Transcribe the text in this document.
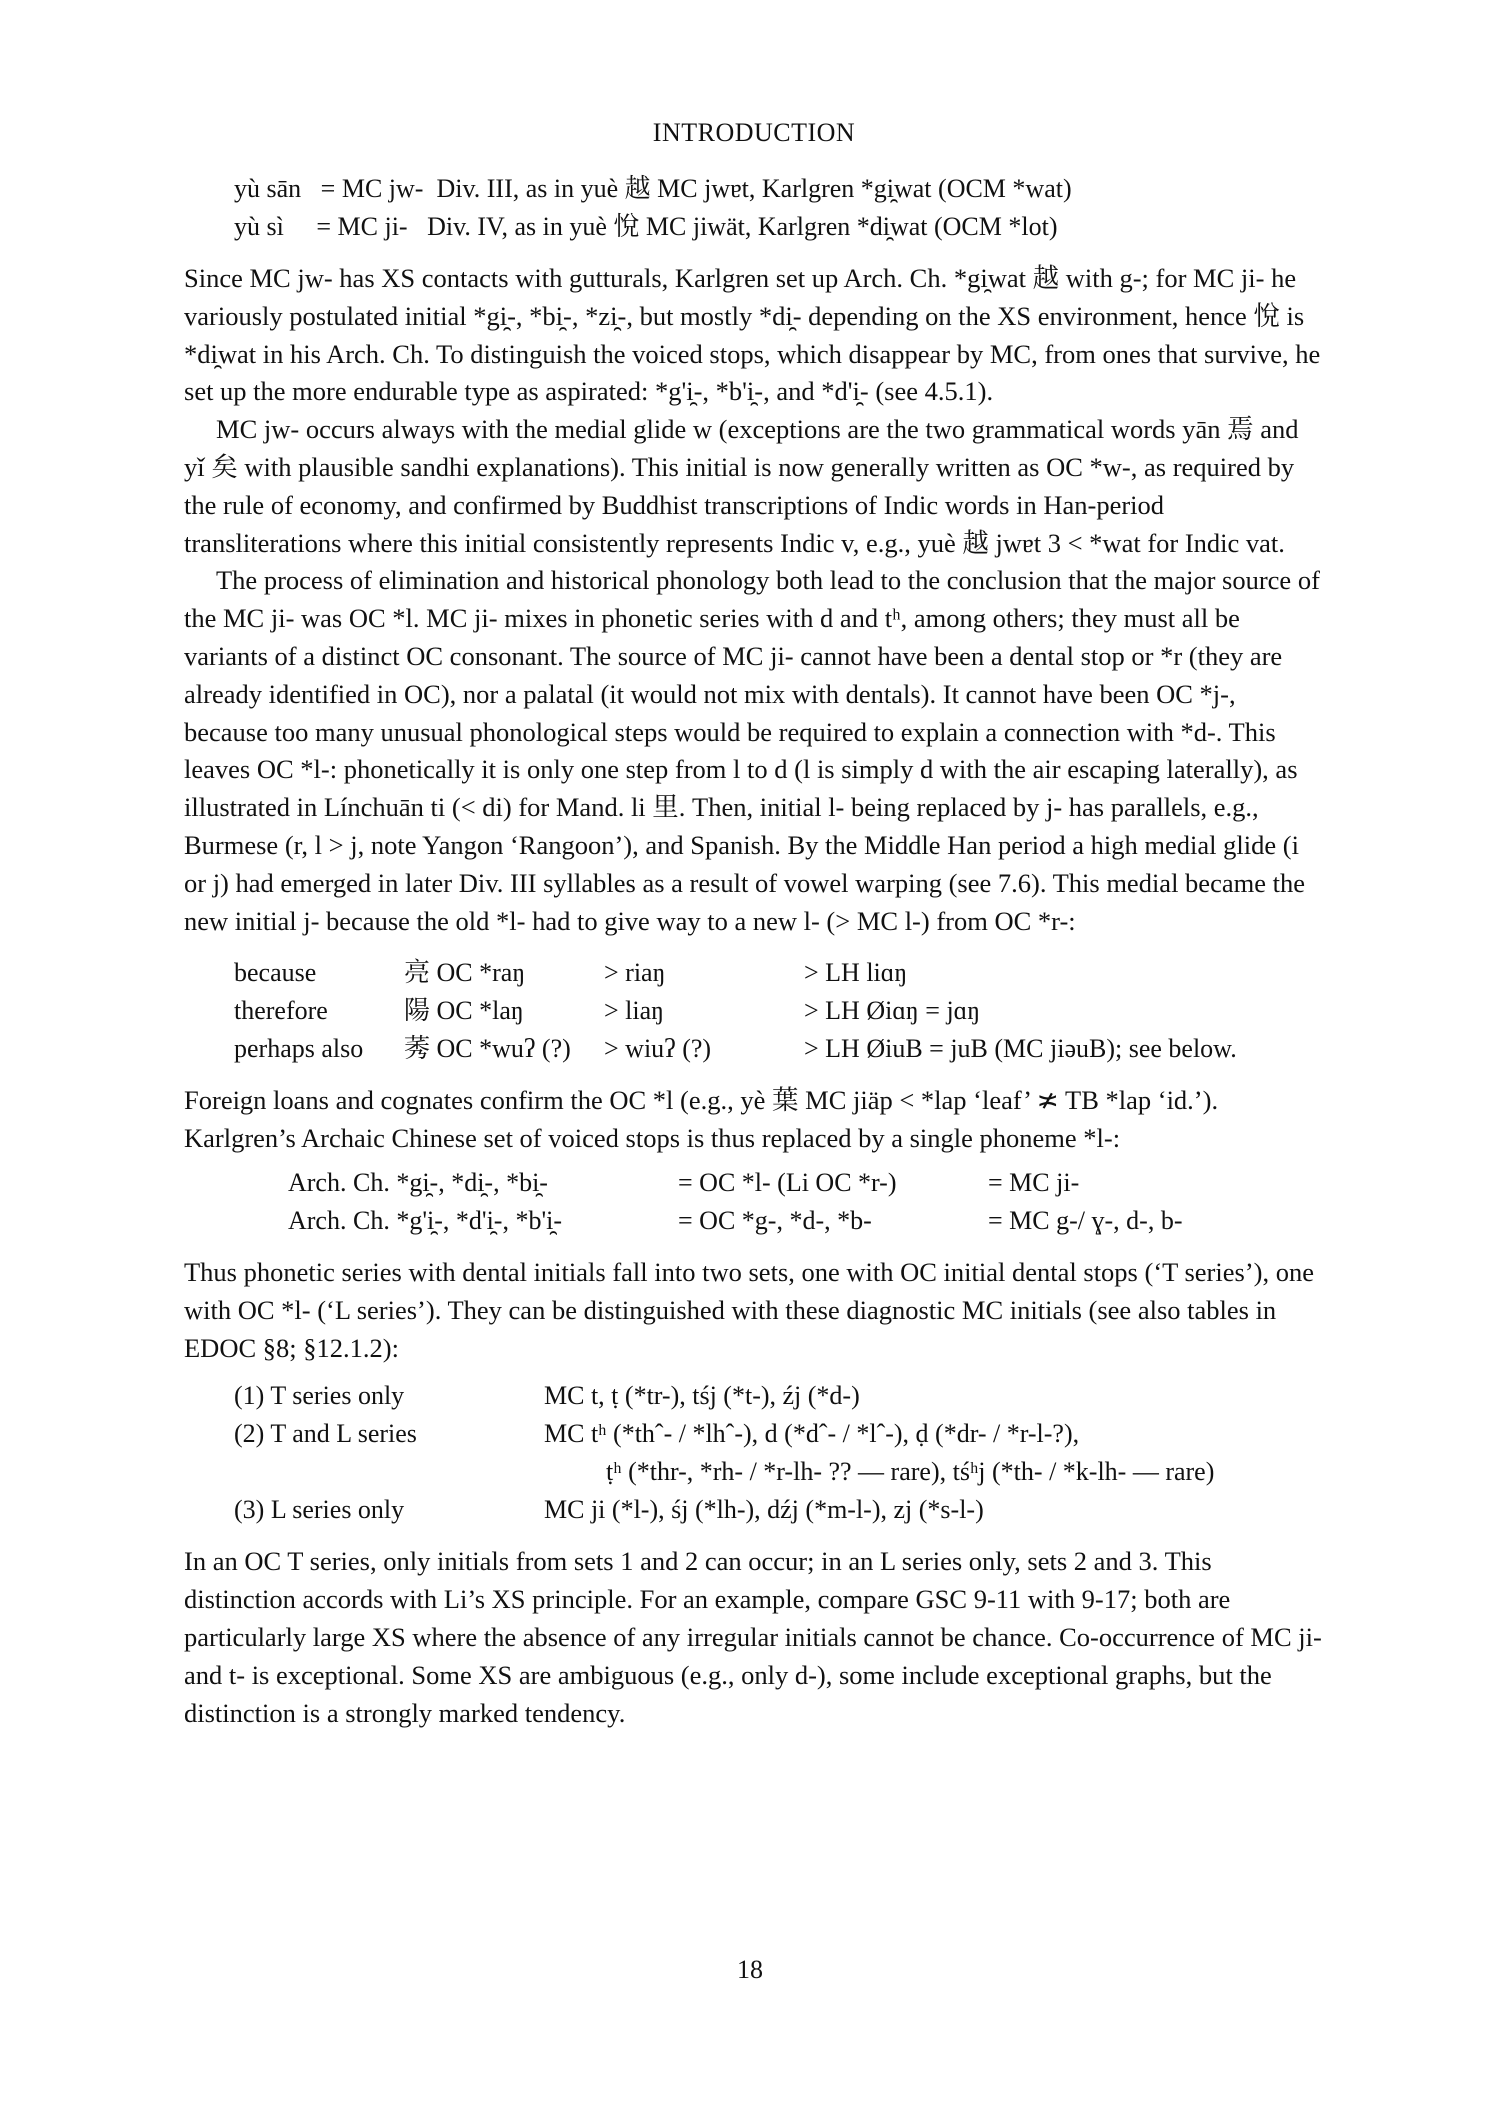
INTRODUCTION
yù sān   = MC jw-  Div. III, as in yuè 越 MC jwɐt, Karlgren *gi̯wat (OCM *wat)
yù sì     = MC ji-   Div. IV, as in yuè 悅 MC jiwät, Karlgren *di̯wat (OCM *lot)

Since MC jw- has XS contacts with gutturals, Karlgren set up Arch. Ch. *gi̯wat 越 with g-; for MC ji- he variously postulated initial *gi̯-, *bi̯-, *zi̯-, but mostly *di̯- depending on the XS environment, hence 悅 is *di̯wat in his Arch. Ch. To distinguish the voiced stops, which disappear by MC, from ones that survive, he set up the more endurable type as aspirated: *g'i̯-, *b'i̯-, and *d'i̯- (see 4.5.1).

MC jw- occurs always with the medial glide w (exceptions are the two grammatical words yān 焉 and yǐ 矣 with plausible sandhi explanations). This initial is now generally written as OC *w-, as required by the rule of economy, and confirmed by Buddhist transcriptions of Indic words in Han-period transliterations where this initial consistently represents Indic v, e.g., yuè 越 jwɐt 3 < *wat for Indic vat.

The process of elimination and historical phonology both lead to the conclusion that the major source of the MC ji- was OC *l. MC ji- mixes in phonetic series with d and tʰ, among others; they must all be variants of a distinct OC consonant. The source of MC ji- cannot have been a dental stop or *r (they are already identified in OC), nor a palatal (it would not mix with dentals). It cannot have been OC *j-, because too many unusual phonological steps would be required to explain a connection with *d-. This leaves OC *l-: phonetically it is only one step from l to d (l is simply d with the air escaping laterally), as illustrated in Línchuān ti (< di) for Mand. li 里. Then, initial l- being replaced by j- has parallels, e.g., Burmese (r, l > j, note Yangon ‘Rangoon’), and Spanish. By the Middle Han period a high medial glide (i or j) had emerged in later Div. III syllables as a result of vowel warping (see 7.6). This medial became the new initial j- because the old *l- had to give way to a new l- (> MC l-) from OC *r-:

because	亮 OC *raŋ	> riaŋ	> LH liɑŋ
therefore	陽 OC *laŋ	> liaŋ	> LH Øiɑŋ = jɑŋ
perhaps also	莠 OC *wuʔ (?)	> wiuʔ (?)	> LH ØiuB = juB (MC jiəuB); see below.

Foreign loans and cognates confirm the OC *l (e.g., yè 葉 MC jiäp < *lap ‘leaf’ ≭ TB *lap ‘id.’). Karlgren’s Archaic Chinese set of voiced stops is thus replaced by a single phoneme *l-:

Arch. Ch. *gi̯-, *di̯-, *bi̯-	= OC *l- (Li OC *r-)	= MC ji-
Arch. Ch. *g'i̯-, *d'i̯-, *b'i̯-	= OC *g-, *d-, *b-	= MC g-/ ɣ-, d-, b-

Thus phonetic series with dental initials fall into two sets, one with OC initial dental stops (‘T series’), one with OC *l- (‘L series’). They can be distinguished with these diagnostic MC initials (see also tables in EDOC §8; §12.1.2):

(1) T series only	MC t, ṭ (*tr-), tśj (*t-), źj (*d-)
(2) T and L series	MC tʰ (*thˆ- / *lhˆ-), d (*dˆ- / *lˆ-), ḍ (*dr- / *r-l-?),
ṭʰ (*thr-, *rh- / *r-lh- ?? — rare), tśʰj (*th- / *k-lh- — rare)
(3) L series only	MC ji (*l-), śj (*lh-), dźj (*m-l-), zj (*s-l-)

In an OC T series, only initials from sets 1 and 2 can occur; in an L series only, sets 2 and 3. This distinction accords with Li’s XS principle. For an example, compare GSC 9-11 with 9-17; both are particularly large XS where the absence of any irregular initials cannot be chance. Co-occurrence of MC ji- and t- is exceptional. Some XS are ambiguous (e.g., only d-), some include exceptional graphs, but the distinction is a strongly marked tendency.

18
